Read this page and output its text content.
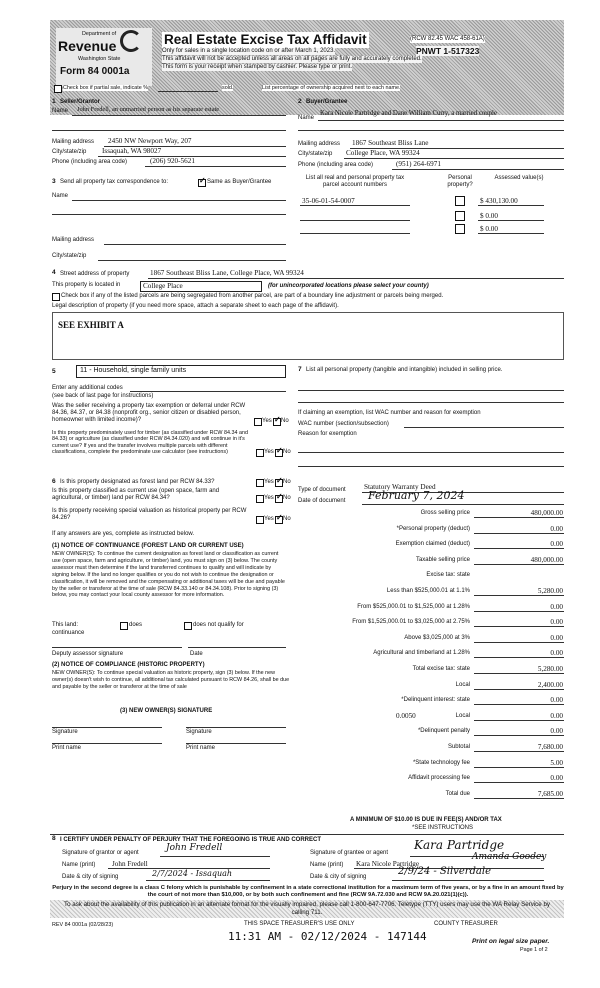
Department of
Revenue
Washington State
Form 84 0001a
Real Estate Excise Tax Affidavit	(RCW 82.45 WAC 458-61A)
Only for sales in a single location code on or after March 1, 2023.	PNWT 1-517323
This affidavit will not be accepted unless all areas on all pages are fully and accurately completed.
This form is your receipt when stamped by cashier. Please type or print.
Check box if partial sale, indicate %	sold.	List percentage of ownership acquired next to each name.
1 Seller/Grantor
Name John Fredell, an unmarried person as his separate estate
Mailing address 2450 NW Newport Way, 207
City/state/zip Issaquah, WA 98027
Phone (including area code)	(206) 920-5621
2 Buyer/Grantee
Name
Kara Nicole Partridge and Dane William Curry, a married couple
Mailing address 1867 Southeast Bliss Lane
City/state/zip College Place, WA 99324
Phone (including area code)	(951) 264-6971
3 Send all property tax correspondence to: ✓	Same as Buyer/Grantee
Name
Mailing address
City/state/zip
List all real and personal property tax parcel account numbers
Personal property?
Assessed value(s)
35-06-01-54-0007	$ 430,130.00
$ 0.00
$ 0.00
4 Street address of property	1867 Southeast Bliss Lane, College Place, WA 99324
This property is located in	College Place	(for unincorporated locations please select your county)
Check box if any of the listed parcels are being segregated from another parcel, are part of a boundary line adjustment or parcels being merged.
Legal description of property (if you need more space, attach a separate sheet to each page of the affidavit).
SEE EXHIBIT A
5	11 - Household, single family units
Enter any additional codes
(see back of last page for instructions)
Was the seller receiving a property tax exemption or deferral under RCW 84.36, 84.37, or 84.38 (nonprofit org., senior citizen or disabled person, homeowner with limited income)?	Yes ✓ No
Is this property predominately used for timber (as classified under RCW 84.34 and 84.33) or agriculture (as classified under RCW 84.34.020) and will continue in it's current use? If yes and the transfer involves multiple parcels with different classifications, complete the predominate use calculator (see instructions)	Yes ✓ No
6 Is this property designated as forest land per RCW 84.33?	Yes ✓ No
Is this property classified as current use (open space, farm and agricultural, or timber) land per RCW 84.34?	Yes ✓ No
Is this property receiving special valuation as historical property per RCW 84.26?	Yes ✓ No
If any answers are yes, complete as instructed below.
(1) NOTICE OF CONTINUANCE (FOREST LAND OR CURRENT USE)
NEW OWNER(S): To continue the current designation as forest land or classification as current use (open space, farm and agriculture, or timber) land, you must sign on (3) below. The county assessor must then determine if the land transferred continues to qualify and will indicate by signing below. If the land no longer qualifies or you do not wish to continue the designation or classification, it will be removed and the compensating or additional taxes will be due and payable by the seller or transferor at the time of sale (RCW 84.33.140 or 84.34.108). Prior to signing (3) below, you may contact your local county assessor for more information.
This land:	does	does not qualify for
continuance
Deputy assessor signature	Date
(2) NOTICE OF COMPLIANCE (HISTORIC PROPERTY)
NEW OWNER(S): To continue special valuation as historic property, sign (3) below. If the new owner(s) doesn't wish to continue, all additional tax calculated pursuant to RCW 84.26, shall be due and payable by the seller or transferor at the time of sale
(3) NEW OWNER(S) SIGNATURE
Signature	Signature
Print name	Print name
7 List all personal property (tangible and intangible) included in selling price.
If claiming an exemption, list WAC number and reason for exemption
WAC number (section/subsection)
Reason for exemption
Type of document	Statutory Warranty Deed
Date of document February 7, 2024
Gross selling price	480,000.00
*Personal property (deduct)	0.00
Exemption claimed (deduct)	0.00
Taxable selling price	480,000.00
Excise tax: state
Less than $525,000.01 at 1.1%	5,280.00
From $525,000.01 to $1,525,000 at 1.28%	0.00
From $1,525,000.01 to $3,025,000 at 2.75%	0.00
Above $3,025,000 at 3%	0.00
Agricultural and timberland at 1.28%	0.00
Total excise tax: state	5,280.00
Local	2,400.00
*Delinquent interest: state	0.00
Local	0.00
*Delinquent penalty	0.00
Subtotal	7,680.00
*State technology fee	5.00
Affidavit processing fee	0.00
Total due	7,685.00
0.0050
A MINIMUM OF $10.00 IS DUE IN FEE(S) AND/OR TAX
*SEE INSTRUCTIONS
8 I CERTIFY UNDER PENALTY OF PERJURY THAT THE FOREGOING IS TRUE AND CORRECT
Signature of grantor or agent	John Fredell
Name (print) John Fredell
Date & city of signing	2/7/2024 - Issaquah
Signature of grantee or agent
Kara Partridge
Name (print) Kara Nicole Partridge
Amanda Goodey
Date & city of signing	2/9/24 - Silverdale
Perjury in the second degree is a class C felony which is punishable by confinement in a state correctional institution for a maximum term of five years, or by a fine in an amount fixed by the court of not more than $10,000, or by both such confinement and fine (RCW 9A.72.030 and RCW 9A.20.021(1)(c)).
To ask about the availability of this publication in an alternate format for the visually impaired, please call 1-800-647-7706. Teletype (TTY) users may use the WA Relay Service by calling 711.
REV 84 0001a (02/28/23)	THIS SPACE TREASURER'S USE ONLY	COUNTY TREASURER
11:31 AM - 02/12/2024 - 147144	Print on legal size paper.
Page 1 of 2
